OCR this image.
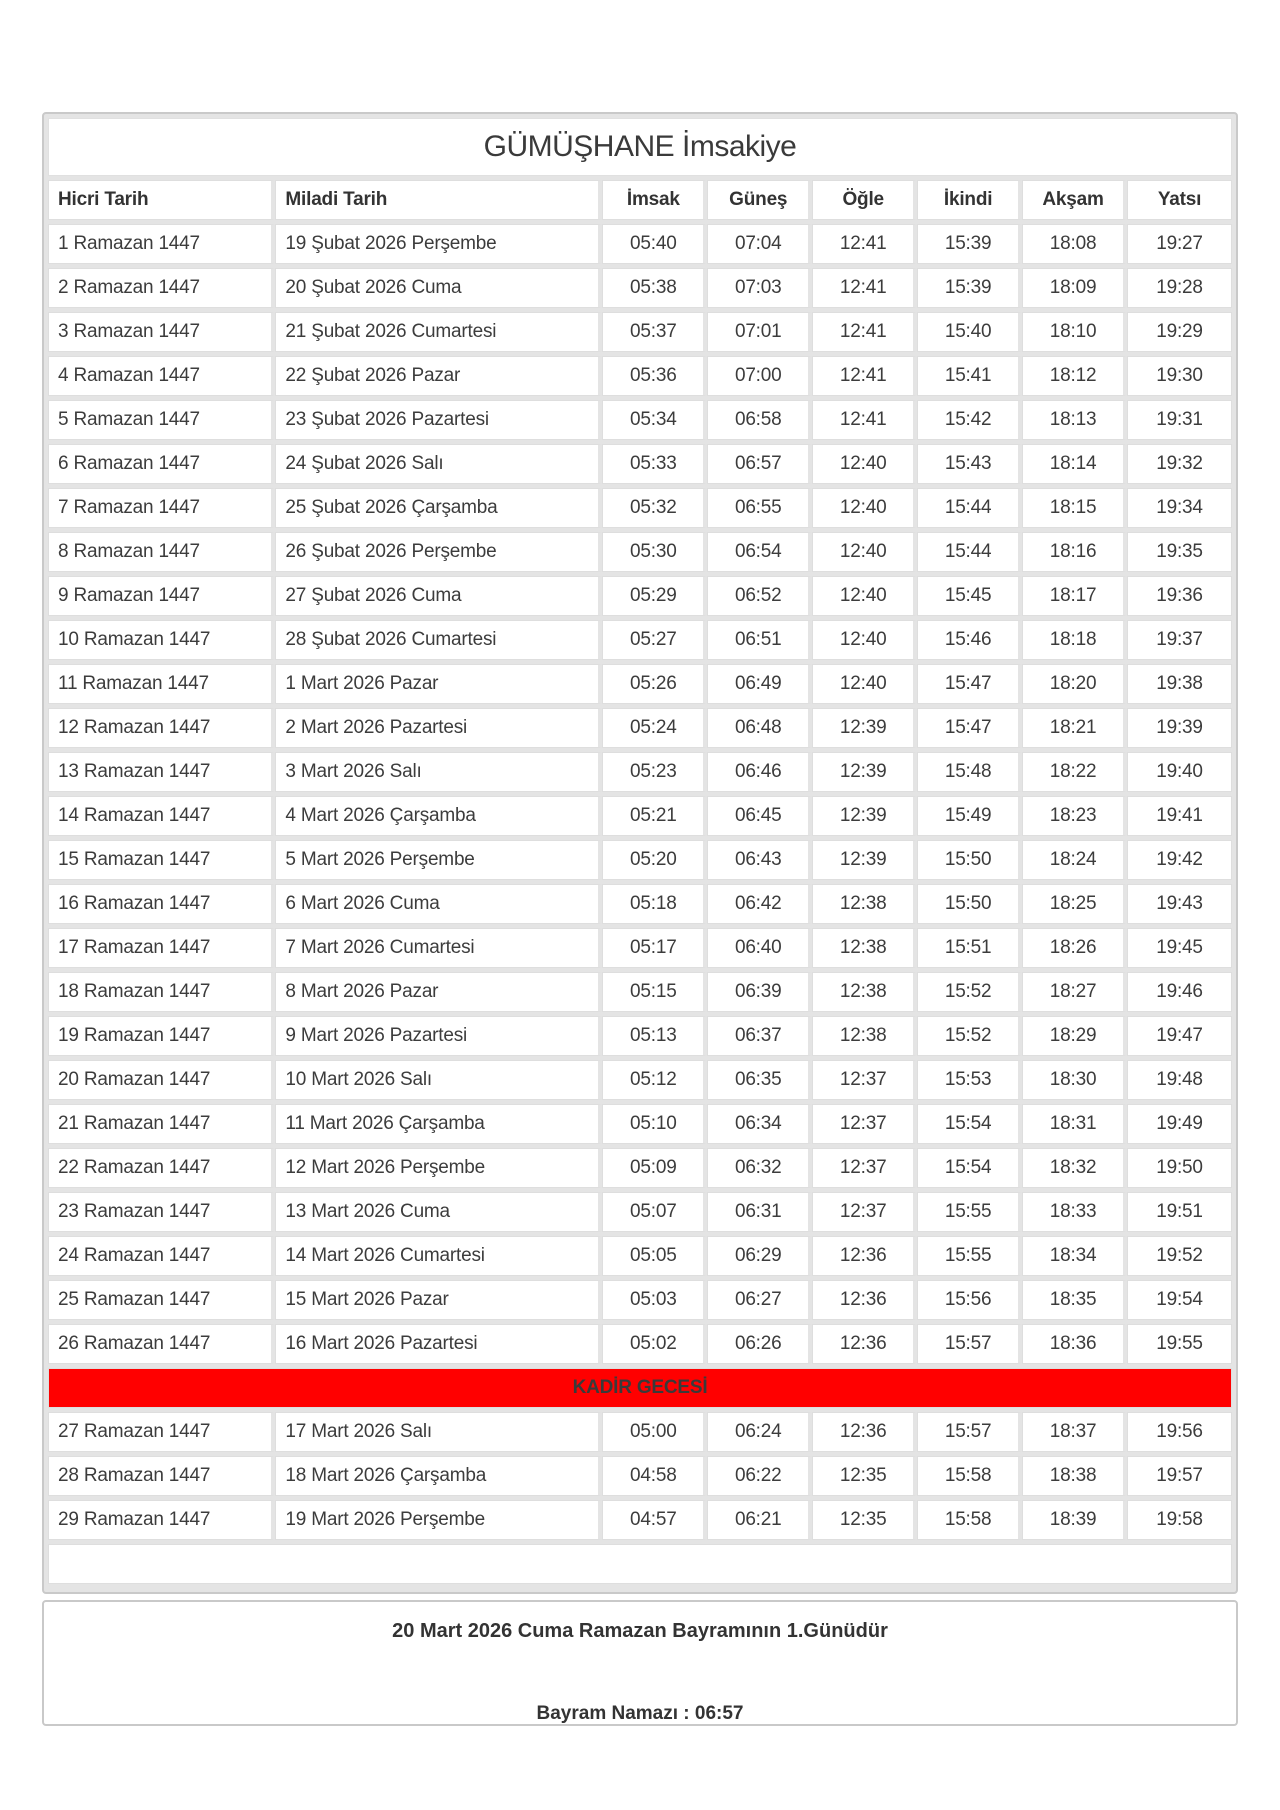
GÜMÜŞHANE İmsakiye
Hicri Tarih	Miladi Tarih	İmsak	Güneş	Öğle	İkindi	Akşam	Yatsı
1 Ramazan 1447	19 Şubat 2026 Perşembe	05:40	07:04	12:41	15:39	18:08	19:27
2 Ramazan 1447	20 Şubat 2026 Cuma	05:38	07:03	12:41	15:39	18:09	19:28
3 Ramazan 1447	21 Şubat 2026 Cumartesi	05:37	07:01	12:41	15:40	18:10	19:29
4 Ramazan 1447	22 Şubat 2026 Pazar	05:36	07:00	12:41	15:41	18:12	19:30
5 Ramazan 1447	23 Şubat 2026 Pazartesi	05:34	06:58	12:41	15:42	18:13	19:31
6 Ramazan 1447	24 Şubat 2026 Salı	05:33	06:57	12:40	15:43	18:14	19:32
7 Ramazan 1447	25 Şubat 2026 Çarşamba	05:32	06:55	12:40	15:44	18:15	19:34
8 Ramazan 1447	26 Şubat 2026 Perşembe	05:30	06:54	12:40	15:44	18:16	19:35
9 Ramazan 1447	27 Şubat 2026 Cuma	05:29	06:52	12:40	15:45	18:17	19:36
10 Ramazan 1447	28 Şubat 2026 Cumartesi	05:27	06:51	12:40	15:46	18:18	19:37
11 Ramazan 1447	1 Mart 2026 Pazar	05:26	06:49	12:40	15:47	18:20	19:38
12 Ramazan 1447	2 Mart 2026 Pazartesi	05:24	06:48	12:39	15:47	18:21	19:39
13 Ramazan 1447	3 Mart 2026 Salı	05:23	06:46	12:39	15:48	18:22	19:40
14 Ramazan 1447	4 Mart 2026 Çarşamba	05:21	06:45	12:39	15:49	18:23	19:41
15 Ramazan 1447	5 Mart 2026 Perşembe	05:20	06:43	12:39	15:50	18:24	19:42
16 Ramazan 1447	6 Mart 2026 Cuma	05:18	06:42	12:38	15:50	18:25	19:43
17 Ramazan 1447	7 Mart 2026 Cumartesi	05:17	06:40	12:38	15:51	18:26	19:45
18 Ramazan 1447	8 Mart 2026 Pazar	05:15	06:39	12:38	15:52	18:27	19:46
19 Ramazan 1447	9 Mart 2026 Pazartesi	05:13	06:37	12:38	15:52	18:29	19:47
20 Ramazan 1447	10 Mart 2026 Salı	05:12	06:35	12:37	15:53	18:30	19:48
21 Ramazan 1447	11 Mart 2026 Çarşamba	05:10	06:34	12:37	15:54	18:31	19:49
22 Ramazan 1447	12 Mart 2026 Perşembe	05:09	06:32	12:37	15:54	18:32	19:50
23 Ramazan 1447	13 Mart 2026 Cuma	05:07	06:31	12:37	15:55	18:33	19:51
24 Ramazan 1447	14 Mart 2026 Cumartesi	05:05	06:29	12:36	15:55	18:34	19:52
25 Ramazan 1447	15 Mart 2026 Pazar	05:03	06:27	12:36	15:56	18:35	19:54
26 Ramazan 1447	16 Mart 2026 Pazartesi	05:02	06:26	12:36	15:57	18:36	19:55
KADİR GECESİ							
27 Ramazan 1447	17 Mart 2026 Salı	05:00	06:24	12:36	15:57	18:37	19:56
28 Ramazan 1447	18 Mart 2026 Çarşamba	04:58	06:22	12:35	15:58	18:38	19:57
29 Ramazan 1447	19 Mart 2026 Perşembe	04:57	06:21	12:35	15:58	18:39	19:58

20 Mart 2026 Cuma Ramazan Bayramının 1.Günüdür
Bayram Namazı : 06:57
